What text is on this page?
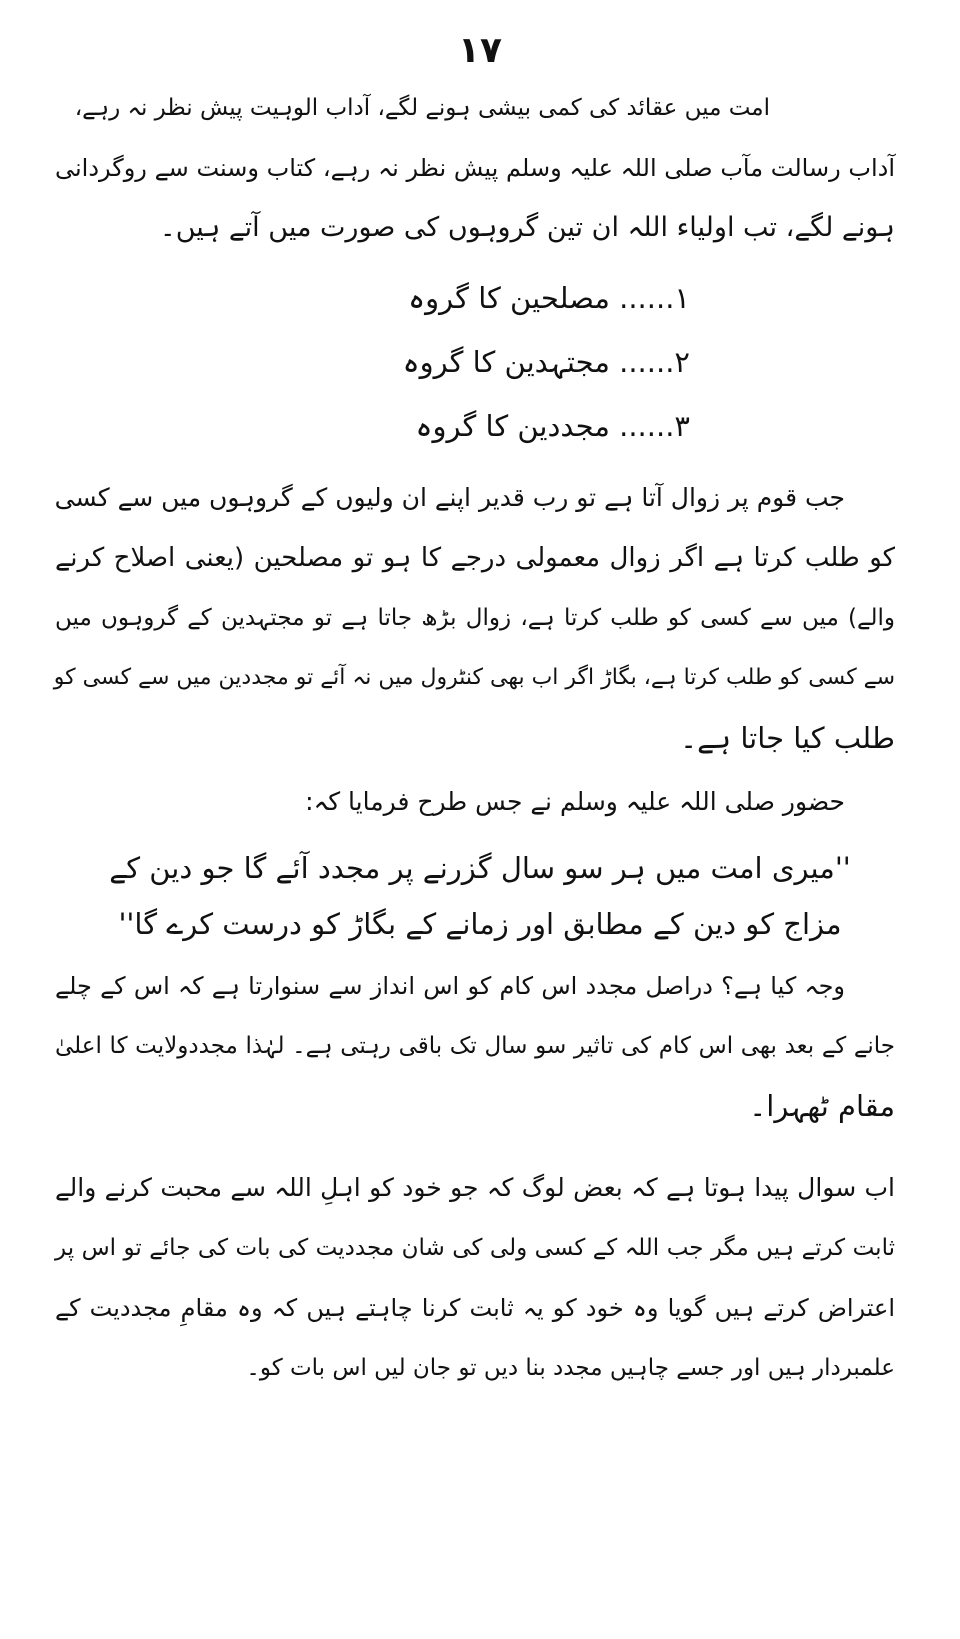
۱۷
امت میں عقائد کی کمی بیشی ہونے لگے، آداب الوہیت پیش نظر نہ رہے،
آداب رسالت مآب صلی اللہ علیہ وسلم پیش نظر نہ رہے، کتاب وسنت سے روگردانی
ہونے لگے، تب اولیاء اللہ ان تین گروہوں کی صورت میں آتے ہیں۔
۱...... مصلحین کا گروہ
۲...... مجتہدین کا گروہ
۳...... مجددین کا گروہ
جب قوم پر زوال آتا ہے تو رب قدیر اپنے ان ولیوں کے گروہوں میں سے کسی
کو طلب کرتا ہے اگر زوال معمولی درجے کا ہو تو مصلحین (یعنی اصلاح کرنے
والے) میں سے کسی کو طلب کرتا ہے، زوال بڑھ جاتا ہے تو مجتہدین کے گروہوں میں
سے کسی کو طلب کرتا ہے، بگاڑ اگر اب بھی کنٹرول میں نہ آئے تو مجددین میں سے کسی کو
طلب کیا جاتا ہے۔
حضور صلی اللہ علیہ وسلم نے جس طرح فرمایا کہ:
''میری امت میں ہر سو سال گزرنے پر مجدد آئے گا جو دین کے
مزاج کو دین کے مطابق اور زمانے کے بگاڑ کو درست کرے گا''
وجہ کیا ہے؟ دراصل مجدد اس کام کو اس انداز سے سنوارتا ہے کہ اس کے چلے
جانے کے بعد بھی اس کام کی تاثیر سو سال تک باقی رہتی ہے۔ لہٰذا مجددولایت کا اعلیٰ
مقام ٹھہرا۔
اب سوال پیدا ہوتا ہے کہ بعض لوگ کہ جو خود کو اہلِ اللہ سے محبت کرنے والے
ثابت کرتے ہیں مگر جب اللہ کے کسی ولی کی شان مجددیت کی بات کی جائے تو اس پر
اعتراض کرتے ہیں گویا وہ خود کو یہ ثابت کرنا چاہتے ہیں کہ وہ مقامِ مجددیت کے
علمبردار ہیں اور جسے چاہیں مجدد بنا دیں تو جان لیں اس بات کو۔
